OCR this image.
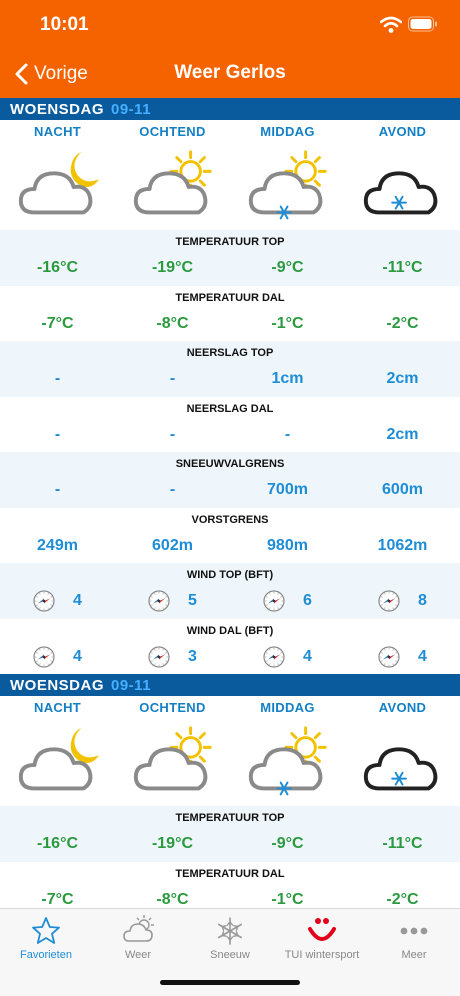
10:01
Vorige	Weer Gerlos
WOENSDAG 09-11
NACHT	OCHTEND	MIDDAG	AVOND
TEMPERATUUR TOP
-16°C	-19°C	-9°C	-11°C
TEMPERATUUR DAL
-7°C	-8°C	-1°C	-2°C
NEERSLAG TOP
-	-	1cm	2cm
NEERSLAG DAL
-	-	-	2cm
SNEEUWVALGRENS
-	-	700m	600m
VORSTGRENS
249m	602m	980m	1062m
WIND TOP (BFT)
4	5	6	8
WIND DAL (BFT)
4	3	4	4
WOENSDAG 09-11
NACHT	OCHTEND	MIDDAG	AVOND
TEMPERATUUR TOP
-16°C	-19°C	-9°C	-11°C
TEMPERATUUR DAL
-7°C	-8°C	-1°C	-2°C
Favorieten	Weer	Sneeuw	TUI wintersport	Meer
